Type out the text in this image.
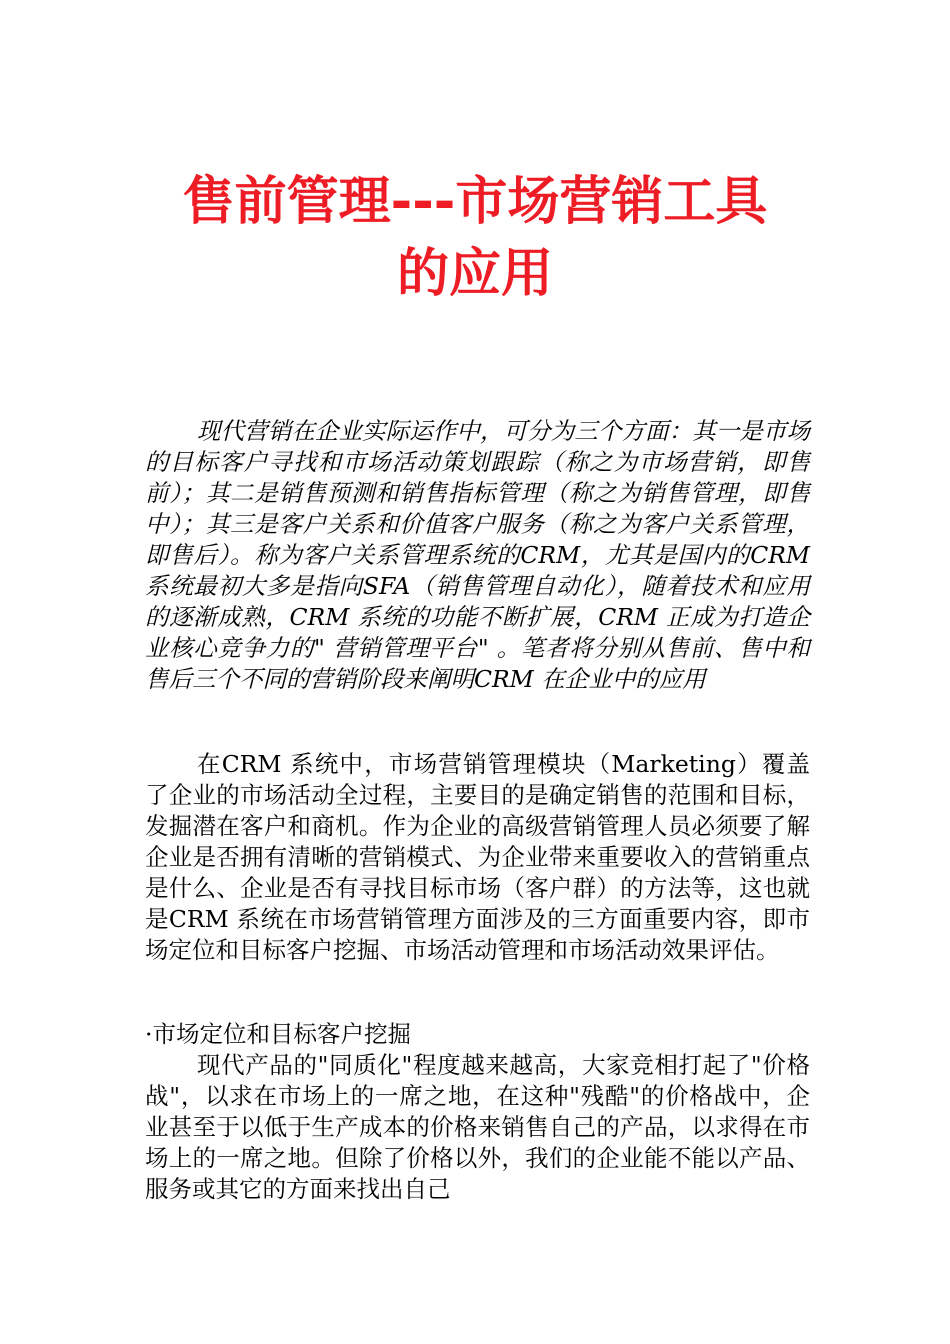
售前管理---市场营销工具
的应用

现代营销在企业实际运作中，可分为三个方面：其一是市场的目标客户寻找和市场活动策划跟踪（称之为市场营销，即售前）；其二是销售预测和销售指标管理（称之为销售管理，即售中）；其三是客户关系和价值客户服务（称之为客户关系管理，即售后）。称为客户关系管理系统的CRM，尤其是国内的CRM 系统最初大多是指向SFA（销售管理自动化），随着技术和应用的逐渐成熟，CRM 系统的功能不断扩展，CRM 正成为打造企业核心竞争力的" 营销管理平台" 。笔者将分别从售前、售中和售后三个不同的营销阶段来阐明CRM 在企业中的应用

在CRM 系统中，市场营销管理模块（Marketing）覆盖了企业的市场活动全过程，主要目的是确定销售的范围和目标，发掘潜在客户和商机。作为企业的高级营销管理人员必须要了解企业是否拥有清晰的营销模式、为企业带来重要收入的营销重点是什么、企业是否有寻找目标市场（客户群）的方法等，这也就是CRM 系统在市场营销管理方面涉及的三方面重要内容，即市场定位和目标客户挖掘、市场活动管理和市场活动效果评估。

·市场定位和目标客户挖掘

现代产品的"同质化"程度越来越高，大家竞相打起了"价格战"，以求在市场上的一席之地，在这种"残酷"的价格战中，企业甚至于以低于生产成本的价格来销售自己的产品，以求得在市场上的一席之地。但除了价格以外，我们的企业能不能以产品、服务或其它的方面来找出自己
